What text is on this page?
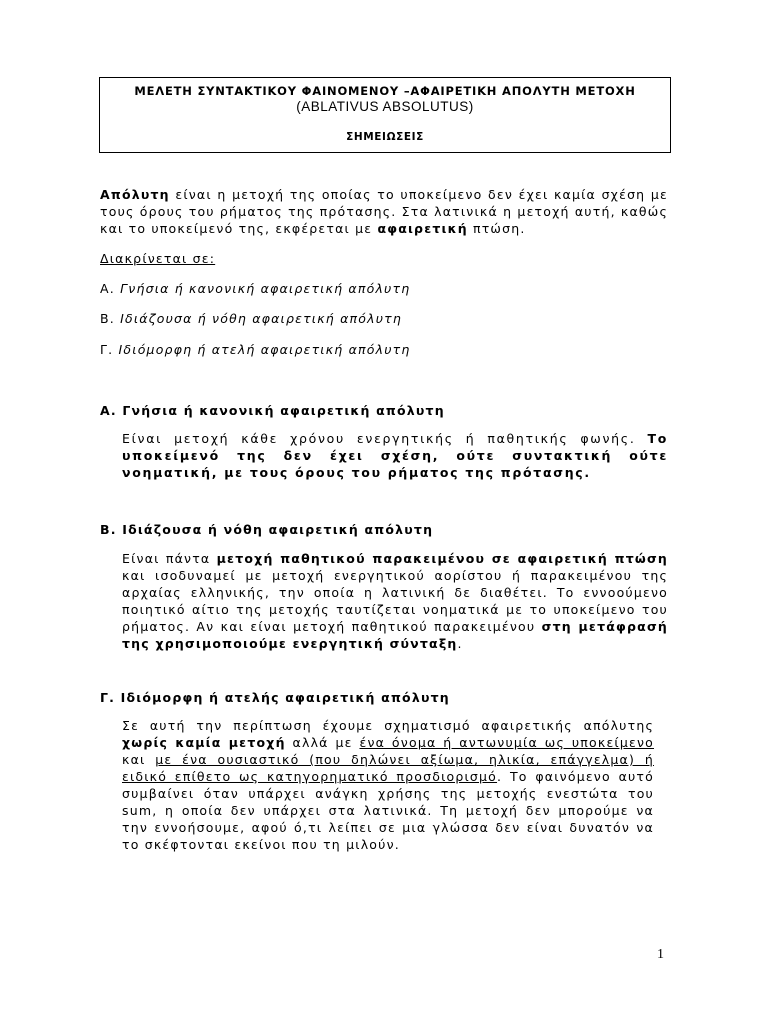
ΜΕΛΕΤΗ ΣΥΝΤΑΚΤΙΚΟΥ ΦΑΙΝΟΜΕΝΟΥ –ΑΦΑΙΡΕΤΙΚΗ ΑΠΟΛΥΤΗ ΜΕΤΟΧΗ
(ABLATIVUS ABSOLUTUS)
ΣΗΜΕΙΩΣΕΙΣ
Απόλυτη είναι η μετοχή της οποίας το υποκείμενο δεν έχει καμία σχέση με τους όρους του ρήματος της πρότασης. Στα λατινικά η μετοχή αυτή, καθώς και το υποκείμενό της, εκφέρεται με αφαιρετική πτώση.
Διακρίνεται σε:
Α. Γνήσια ή κανονική αφαιρετική απόλυτη
Β. Ιδιάζουσα ή νόθη αφαιρετική απόλυτη
Γ. Ιδιόμορφη ή ατελή αφαιρετική απόλυτη
Α. Γνήσια ή κανονική αφαιρετική απόλυτη
Είναι μετοχή κάθε χρόνου ενεργητικής ή παθητικής φωνής. Το υποκείμενό της δεν έχει σχέση, ούτε συντακτική ούτε νοηματική, με τους όρους του ρήματος της πρότασης.
Β. Ιδιάζουσα ή νόθη αφαιρετική απόλυτη
Είναι πάντα μετοχή παθητικού παρακειμένου σε αφαιρετική πτώση και ισοδυναμεί με μετοχή ενεργητικού αορίστου ή παρακειμένου της αρχαίας ελληνικής, την οποία η λατινική δε διαθέτει. Το εννοούμενο ποιητικό αίτιο της μετοχής ταυτίζεται νοηματικά με το υποκείμενο του ρήματος. Αν και είναι μετοχή παθητικού παρακειμένου στη μετάφρασή της χρησιμοποιούμε ενεργητική σύνταξη.
Γ. Ιδιόμορφη ή ατελής αφαιρετική απόλυτη
Σε αυτή την περίπτωση έχουμε σχηματισμό αφαιρετικής απόλυτης χωρίς καμία μετοχή αλλά με ένα όνομα ή αντωνυμία ως υποκείμενο και με ένα ουσιαστικό (που δηλώνει αξίωμα, ηλικία, επάγγελμα) ή ειδικό επίθετο ως κατηγορηματικό προσδιορισμό. Το φαινόμενο αυτό συμβαίνει όταν υπάρχει ανάγκη χρήσης της μετοχής ενεστώτα του sum, η οποία δεν υπάρχει στα λατινικά. Τη μετοχή δεν μπορούμε να την εννοήσουμε, αφού ό,τι λείπει σε μια γλώσσα δεν είναι δυνατόν να το σκέφτονται εκείνοι που τη μιλούν.
1
